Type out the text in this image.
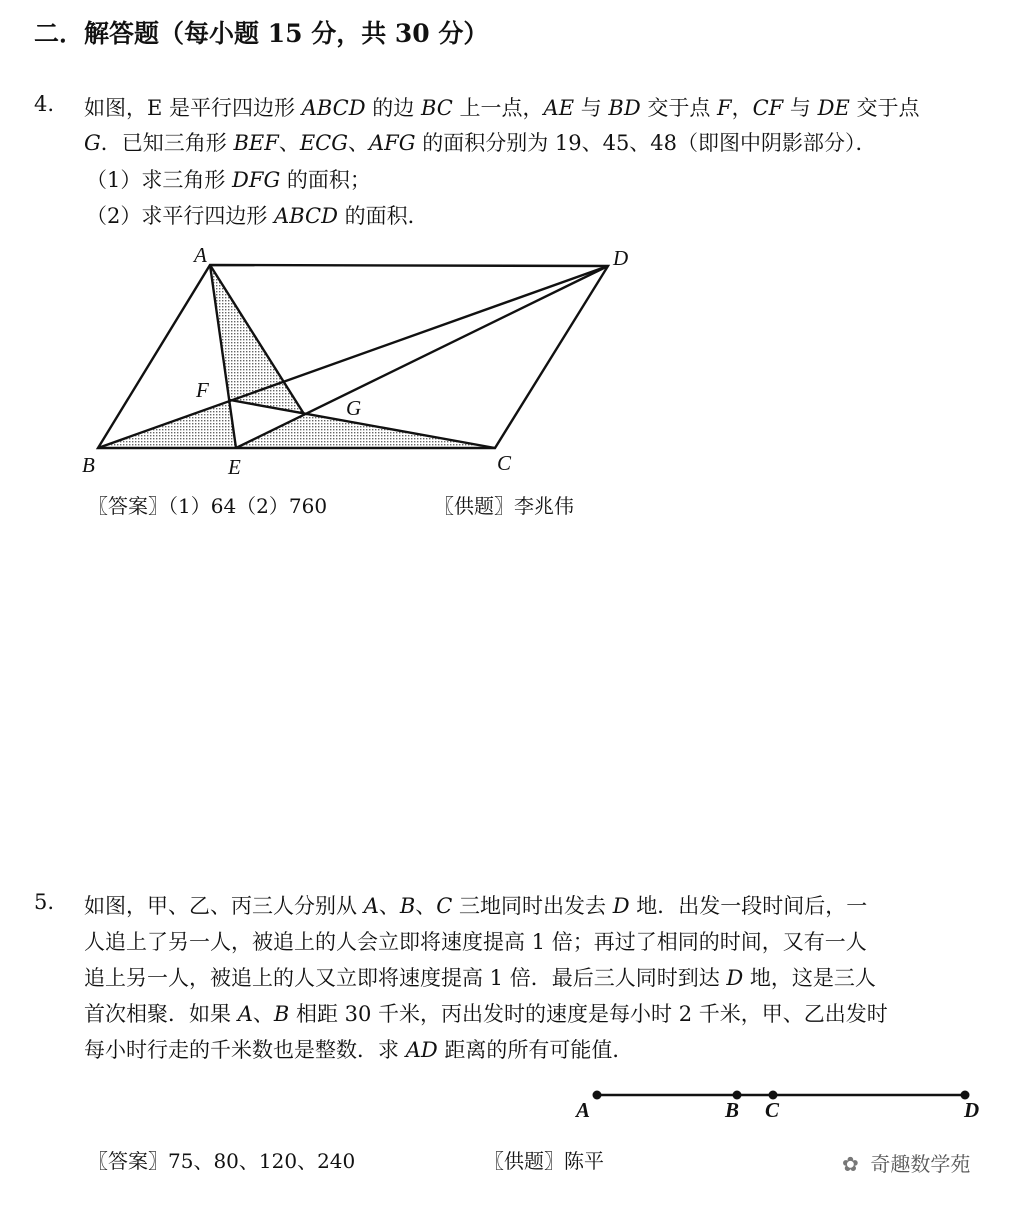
二．解答题（每小题 15 分，共 30 分）
4. 如图，E 是平行四边形 ABCD 的边 BC 上一点，AE 与 BD 交于点 F，CF 与 DE 交于点
G．已知三角形 BEF、ECG、AFG 的面积分别为 19、45、48（即图中阴影部分）．
（1）求三角形 DFG 的面积；
（2）求平行四边形 ABCD 的面积．
A	D
F
G
B	E	C
〖答案〗（1）64（2）760	〖供题〗李兆伟
5. 如图，甲、乙、丙三人分别从 A、B、C 三地同时出发去 D 地．出发一段时间后，一
人追上了另一人，被追上的人会立即将速度提高 1 倍；再过了相同的时间，又有一人
追上另一人，被追上的人又立即将速度提高 1 倍．最后三人同时到达 D 地，这是三人
首次相聚．如果 A、B 相距 30 千米，丙出发时的速度是每小时 2 千米，甲、乙出发时
每小时行走的千米数也是整数．求 AD 距离的所有可能值．
A	B C	D
〖答案〗75、80、120、240	〖供题〗陈平	✿ 奇趣数学苑
